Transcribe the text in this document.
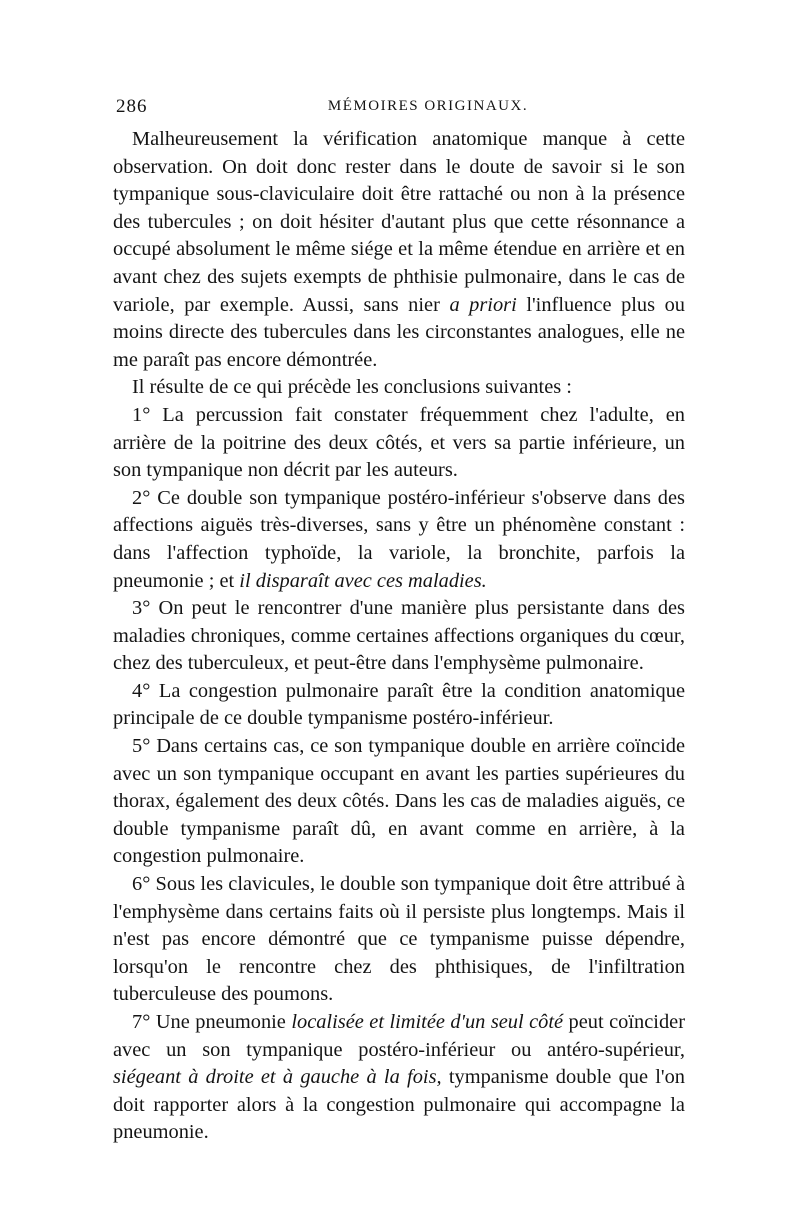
286	MÉMOIRES ORIGINAUX.

Malheureusement la vérification anatomique manque à cette observation. On doit donc rester dans le doute de savoir si le son tympanique sous-claviculaire doit être rattaché ou non à la présence des tubercules ; on doit hésiter d'autant plus que cette résonnance a occupé absolument le même siége et la même étendue en arrière et en avant chez des sujets exempts de phthisie pulmonaire, dans le cas de variole, par exemple. Aussi, sans nier a priori l'influence plus ou moins directe des tubercules dans les circonstantes analogues, elle ne me paraît pas encore démontrée.

Il résulte de ce qui précède les conclusions suivantes :

1° La percussion fait constater fréquemment chez l'adulte, en arrière de la poitrine des deux côtés, et vers sa partie inférieure, un son tympanique non décrit par les auteurs.

2° Ce double son tympanique postéro-inférieur s'observe dans des affections aiguës très-diverses, sans y être un phénomène constant : dans l'affection typhoïde, la variole, la bronchite, parfois la pneumonie ; et il disparaît avec ces maladies.

3° On peut le rencontrer d'une manière plus persistante dans des maladies chroniques, comme certaines affections organiques du cœur, chez des tuberculeux, et peut-être dans l'emphysème pulmonaire.

4° La congestion pulmonaire paraît être la condition anatomique principale de ce double tympanisme postéro-inférieur.

5° Dans certains cas, ce son tympanique double en arrière coïncide avec un son tympanique occupant en avant les parties supérieures du thorax, également des deux côtés. Dans les cas de maladies aiguës, ce double tympanisme paraît dû, en avant comme en arrière, à la congestion pulmonaire.

6° Sous les clavicules, le double son tympanique doit être attribué à l'emphysème dans certains faits où il persiste plus longtemps. Mais il n'est pas encore démontré que ce tympanisme puisse dépendre, lorsqu'on le rencontre chez des phthisiques, de l'infiltration tuberculeuse des poumons.

7° Une pneumonie localisée et limitée d'un seul côté peut coïncider avec un son tympanique postéro-inférieur ou antéro-supérieur, siégeant à droite et à gauche à la fois, tympanisme double que l'on doit rapporter alors à la congestion pulmonaire qui accompagne la pneumonie.
